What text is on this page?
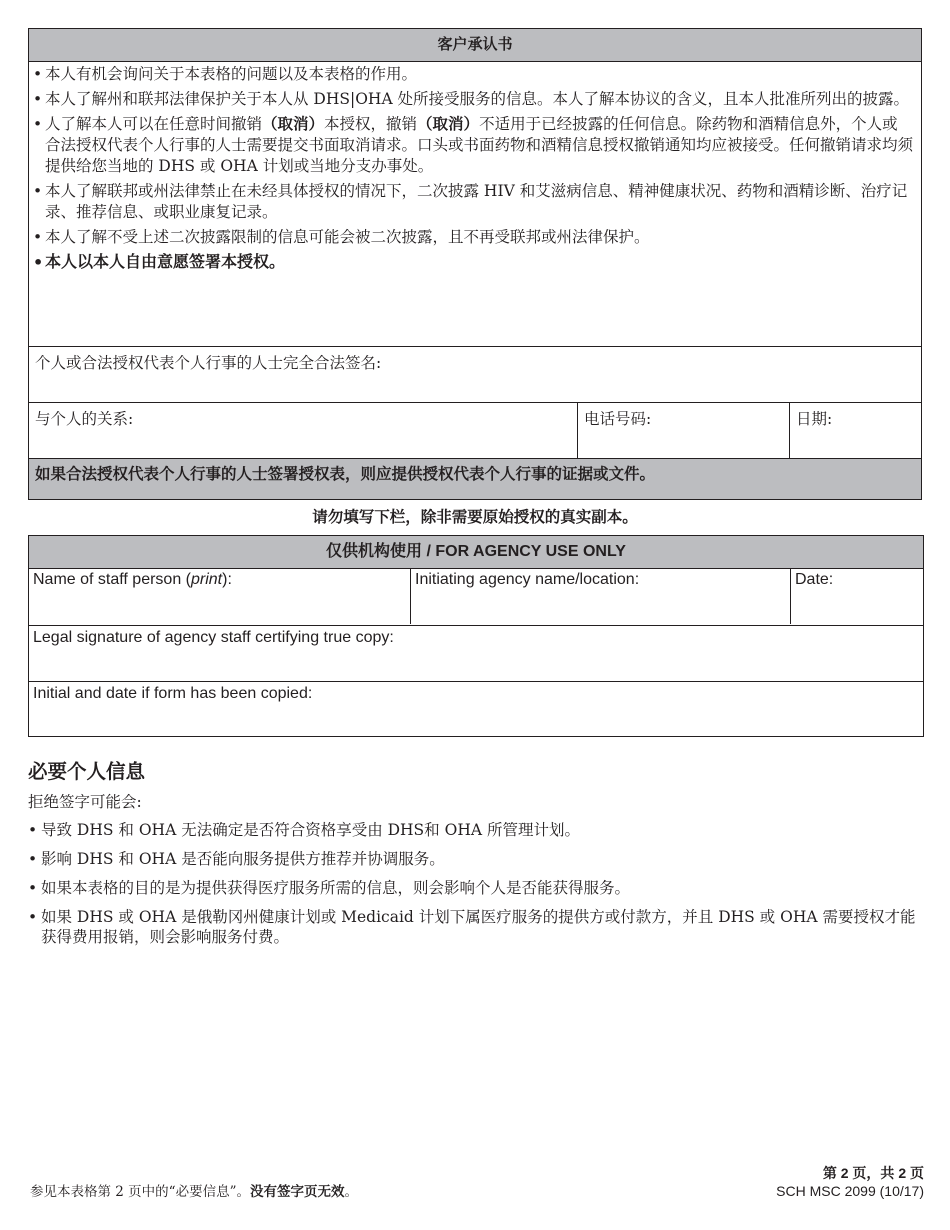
客户承认书
• 本人有机会询问关于本表格的问题以及本表格的作用。
• 本人了解州和联邦法律保护关于本人从 DHS|OHA 处所接受服务的信息。本人了解本协议的含义，且本人批准所列出的披露。
• 人了解本人可以在任意时间撤销（取消）本授权，撤销（取消）不适用于已经披露的任何信息。除药物和酒精信息外，个人或合法授权代表个人行事的人士需要提交书面取消请求。口头或书面药物和酒精信息授权撤销通知均应被接受。任何撤销请求均须提供给您当地的 DHS 或 OHA 计划或当地分支办事处。
• 本人了解联邦或州法律禁止在未经具体授权的情况下，二次披露 HIV 和艾滋病信息、精神健康状况、药物和酒精诊断、治疗记录、推荐信息、或职业康复记录。
• 本人了解不受上述二次披露限制的信息可能会被二次披露，且不再受联邦或州法律保护。
• 本人以本人自由意愿签署本授权。
个人或合法授权代表个人行事的人士完全合法签名:
与个人的关系:	电话号码:	日期:
如果合法授权代表个人行事的人士签署授权表，则应提供授权代表个人行事的证据或文件。
请勿填写下栏，除非需要原始授权的真实副本。
仅供机构使用 / FOR AGENCY USE ONLY
Name of staff person (print):	Initiating agency name/location:	Date:
Legal signature of agency staff certifying true copy:
Initial and date if form has been copied:
必要个人信息
拒绝签字可能会:
• 导致 DHS 和 OHA 无法确定是否符合资格享受由 DHS和 OHA 所管理计划。
• 影响 DHS 和 OHA 是否能向服务提供方推荐并协调服务。
• 如果本表格的目的是为提供获得医疗服务所需的信息，则会影响个人是否能获得服务。
• 如果 DHS 或 OHA 是俄勒冈州健康计划或 Medicaid 计划下属医疗服务的提供方或付款方，并且 DHS 或 OHA 需要授权才能获得费用报销，则会影响服务付费。
参见本表格第 2 页中的“必要信息”。没有签字页无效。
第 2 页，共 2 页
SCH MSC 2099 (10/17)
